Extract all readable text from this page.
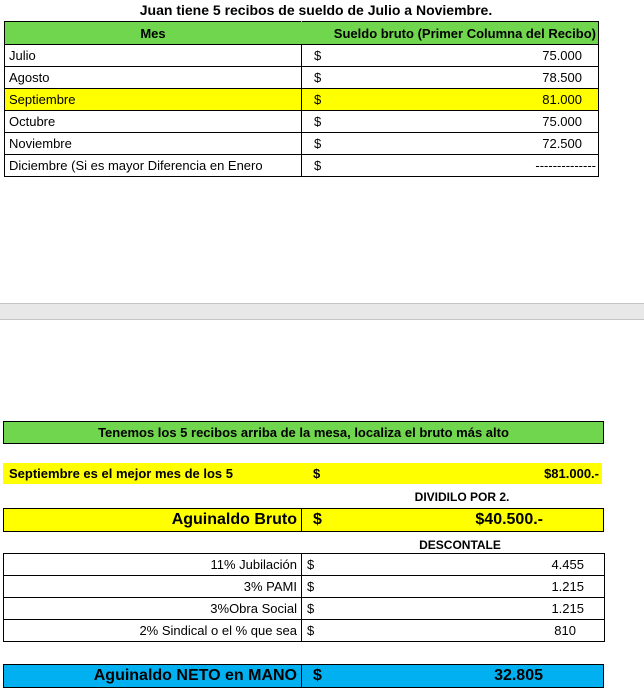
Juan tiene 5 recibos de sueldo de Julio a Noviembre.
Mes	Sueldo bruto (Primer Columna del Recibo)
Julio	$ 75.000

Agosto	$ 78.500

Septiembre	$ 81.000

Octubre	$ 75.000

Noviembre	$ 72.500

Diciembre (Si es mayor Diferencia en Enero	$ --------------
Tenemos los 5 recibos arriba de la mesa, localiza el bruto más alto
Septiembre es el mejor mes de los 5	$	$81.000.-
DIVIDILO POR 2.
Aguinaldo Bruto $	$40.500.-
DESCONTALE
11% Jubilación	$ 4.455

3% PAMI	$ 1.215

3%Obra Social	$ 1.215

2% Sindical o el % que sea	$ 810
Aguinaldo NETO en MANO $	32.805
